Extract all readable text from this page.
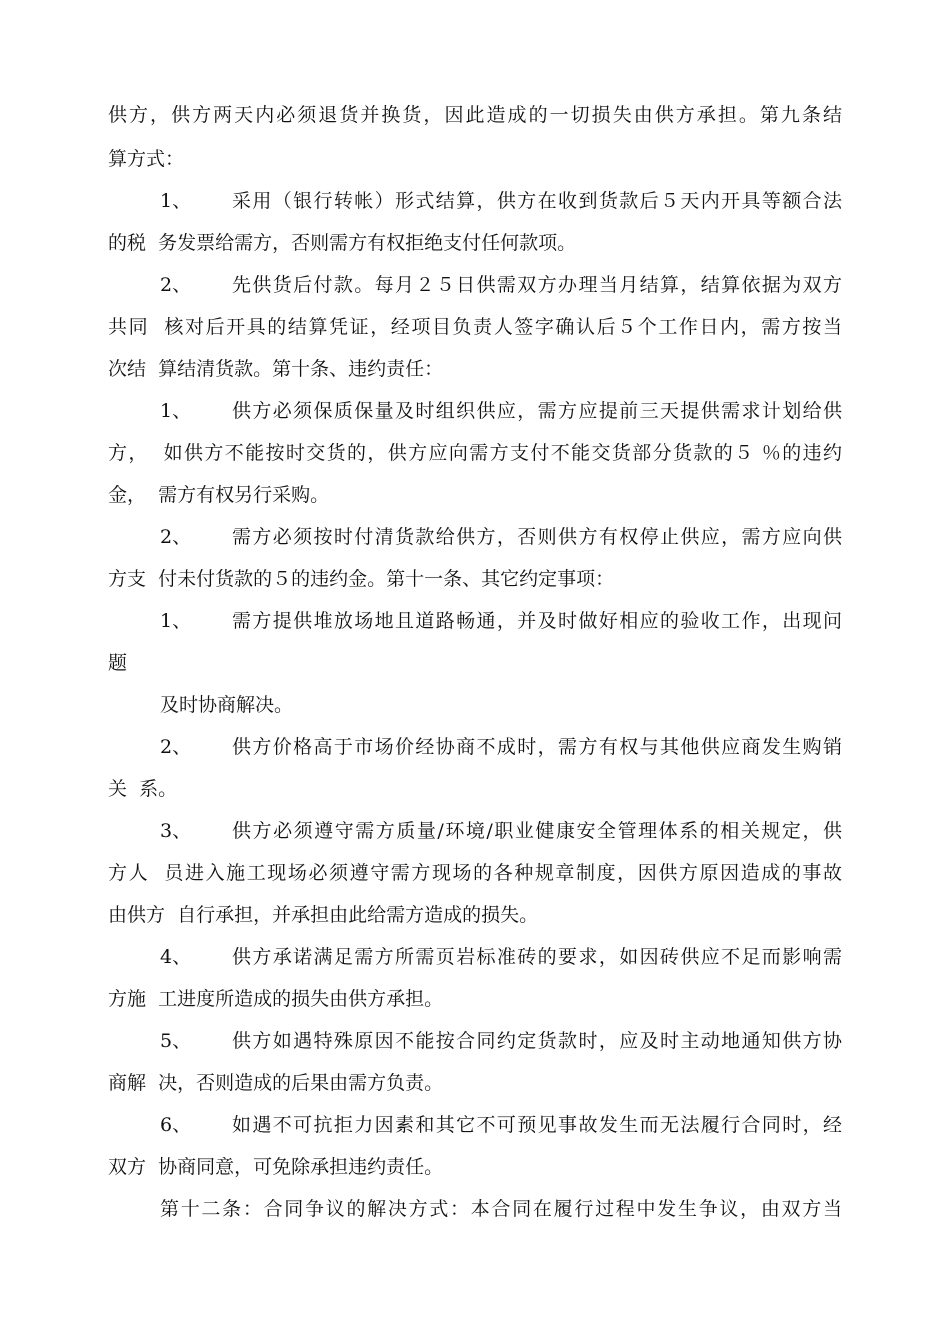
供方，供方两天内必须退货并换货，因此造成的一切损失由供方承担。第九条结
算方式：
1、 采用（银行转帐）形式结算，供方在收到货款后５天内开具等额合法
的税  务发票给需方，否则需方有权拒绝支付任何款项。
2、 先供货后付款。每月２５日供需双方办理当月结算，结算依据为双方
共同  核对后开具的结算凭证，经项目负责人签字确认后５个工作日内，需方按当
次结  算结清货款。第十条、违约责任：
1、 供方必须保质保量及时组织供应，需方应提前三天提供需求计划给供
方，  如供方不能按时交货的，供方应向需方支付不能交货部分货款的５ ％的违约
金，  需方有权另行采购。
2、 需方必须按时付清货款给供方，否则供方有权停止供应，需方应向供
方支  付未付货款的５的违约金。第十一条、其它约定事项：
1、 需方提供堆放场地且道路畅通，并及时做好相应的验收工作，出现问
题
及时协商解决。
2、 供方价格高于市场价经协商不成时，需方有权与其他供应商发生购销
关  系。
3、 供方必须遵守需方质量/环境/职业健康安全管理体系的相关规定，供
方人  员进入施工现场必须遵守需方现场的各种规章制度，因供方原因造成的事故
由供方  自行承担，并承担由此给需方造成的损失。
4、 供方承诺满足需方所需页岩标准砖的要求，如因砖供应不足而影响需
方施  工进度所造成的损失由供方承担。
5、 供方如遇特殊原因不能按合同约定货款时，应及时主动地通知供方协
商解  决，否则造成的后果由需方负责。
6、 如遇不可抗拒力因素和其它不可预见事故发生而无法履行合同时，经
双方  协商同意，可免除承担违约责任。
第十二条：合同争议的解决方式：本合同在履行过程中发生争议，由双方当
